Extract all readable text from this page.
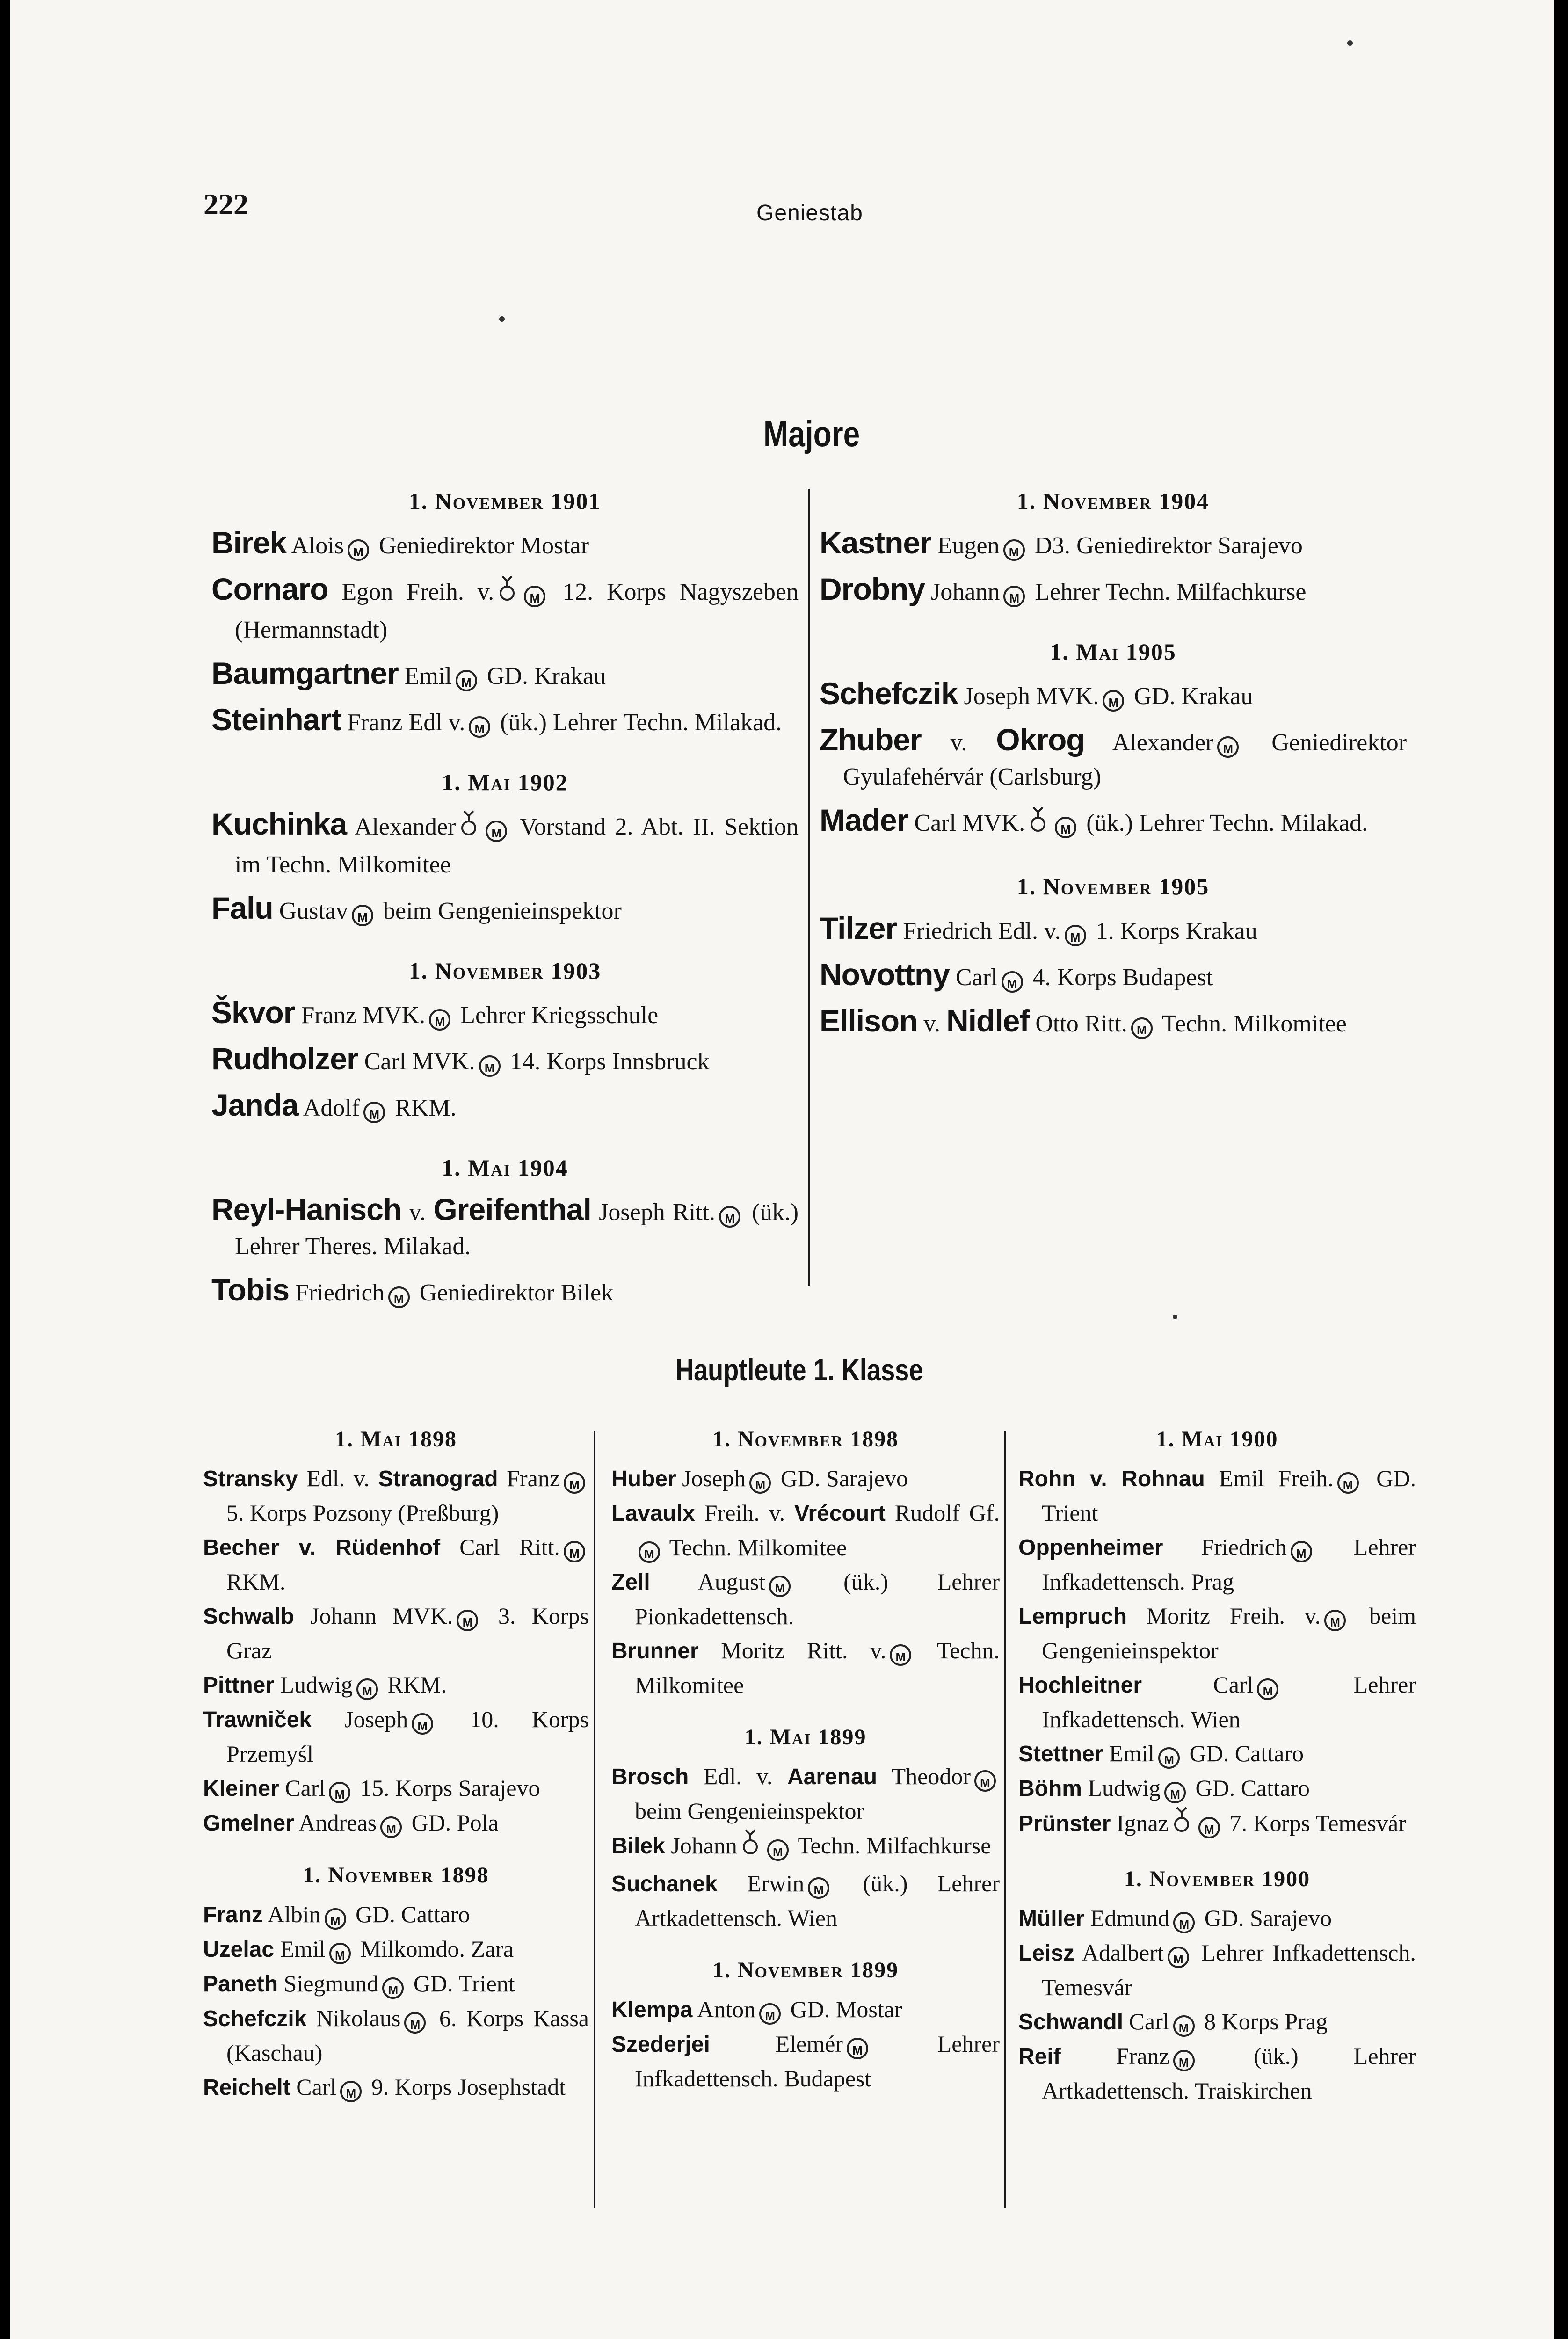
222	Geniestab
Majore
1. November 1901
Birek Alois M Geniedirektor Mostar
Cornaro Egon Freih. v.	M 12. Korps Nagyszeben (Hermannstadt)
Baumgartner Emil M GD. Krakau
Steinhart Franz Edl v. M (ük.) Lehrer Techn. Milakad.
1. Mai 1902
Kuchinka Alexander	M Vorstand 2. Abt. II. Sektion im Techn. Milkomitee
Falu Gustav M beim Gengenieinspektor
1. November 1903
Škvor Franz MVK. M Lehrer Kriegsschule
Rudholzer Carl MVK. M 14. Korps Innsbruck
Janda Adolf M RKM.
1. Mai 1904
Reyl-Hanisch v. Greifenthal Joseph Ritt. M (ük.) Lehrer Theres. Milakad.
Tobis Friedrich M Geniedirektor Bilek
1. November 1904
Kastner Eugen M D3. Geniedirektor Sarajevo
Drobny Johann M Lehrer Techn. Milfachkurse
1. Mai 1905
Schefczik Joseph MVK. M GD. Krakau
Zhuber v. Okrog Alexander M Geniedirektor Gyulafehérvár (Carlsburg)
Mader Carl MVK.	M (ük.) Lehrer Techn. Milakad.
1. November 1905
Tilzer Friedrich Edl. v. M 1. Korps Krakau
Novottny Carl M 4. Korps Budapest
Ellison v. Nidlef Otto Ritt. M Techn. Milkomitee
Hauptleute 1. Klasse
1. Mai 1898
Stransky Edl. v. Stranograd Franz M 5. Korps Pozsony (Preßburg)
Becher v. Rüdenhof Carl Ritt. M RKM.
Schwalb Johann MVK. M 3. Korps Graz
Pittner Ludwig M RKM.
Trawniček Joseph M 10. Korps Przemyśl
Kleiner Carl M 15. Korps Sarajevo
Gmelner Andreas M GD. Pola
1. November 1898
Franz Albin M GD. Cattaro
Uzelac Emil M Milkomdo. Zara
Paneth Siegmund M GD. Trient
Schefczik Nikolaus M 6. Korps Kassa (Kaschau)
Reichelt Carl M 9. Korps Josephstadt
1. November 1898
Huber Joseph M GD. Sarajevo
Lavaulx Freih. v. Vrécourt Rudolf Gf.M Techn. Milkomitee
Zell August M (ük.) Lehrer Pionkadettensch.
Brunner Moritz Ritt. v. M Techn. Milkomitee
1. Mai 1899
Brosch Edl. v. Aarenau Theodor M beim Gengenieinspektor
Bilek Johann	M Techn. Milfachkurse
Suchanek Erwin M (ük.) Lehrer Artkadettensch. Wien
1. November 1899
Klempa Anton M GD. Mostar
Szederjei Elemér M Lehrer Infkadettensch. Budapest
1. Mai 1900
Rohn v. Rohnau Emil Freih. M GD. Trient
Oppenheimer Friedrich M Lehrer Infkadettensch. Prag
Lempruch Moritz Freih. v. M beim Gengenieinspektor
Hochleitner Carl M Lehrer Infkadettensch. Wien
Stettner Emil M GD. Cattaro
Böhm Ludwig M GD. Cattaro
Prünster Ignaz	M 7. Korps Temesvár
1. November 1900
Müller Edmund M GD. Sarajevo
Leisz Adalbert M Lehrer Infkadettensch. Temesvár
Schwandl Carl M 8 Korps Prag
Reif Franz M (ük.) Lehrer Artkadettensch. Traiskirchen
